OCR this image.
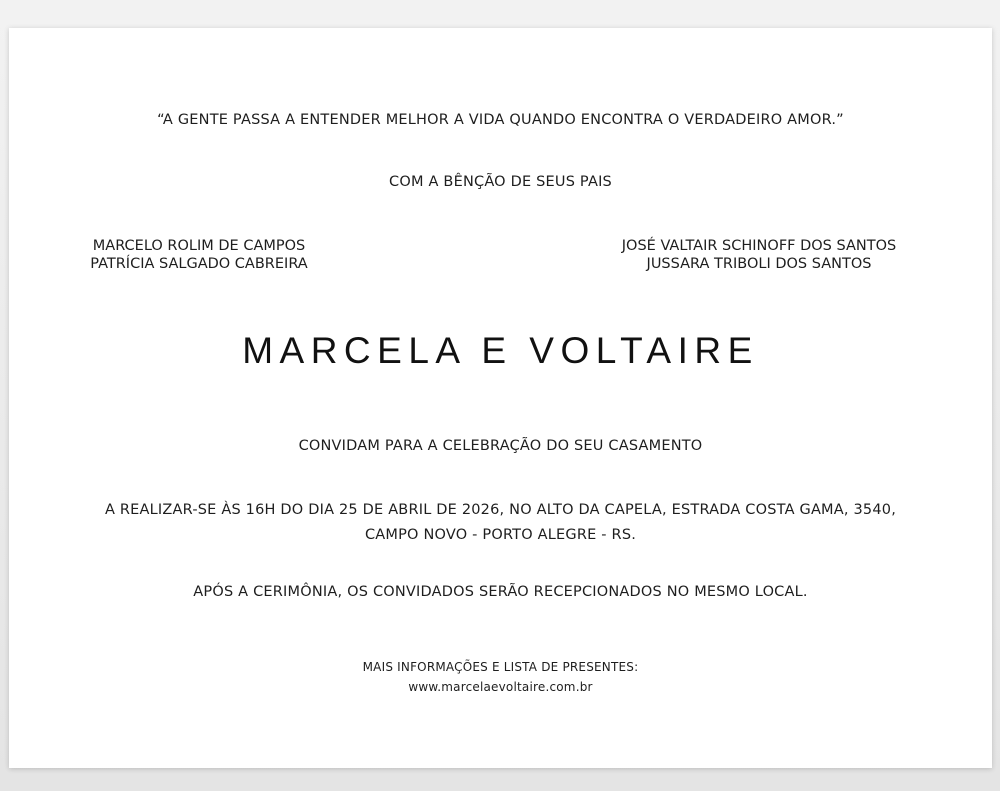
“A GENTE PASSA A ENTENDER MELHOR A VIDA QUANDO ENCONTRA O VERDADEIRO AMOR.”
COM A BÊNÇÃO DE SEUS PAIS
MARCELO ROLIM DE CAMPOS
PATRÍCIA SALGADO CABREIRA
JOSÉ VALTAIR SCHINOFF DOS SANTOS
JUSSARA TRIBOLI DOS SANTOS
MARCELA E VOLTAIRE
CONVIDAM PARA A CELEBRAÇÃO DO SEU CASAMENTO
A REALIZAR-SE ÀS 16H DO DIA 25 DE ABRIL DE 2026, NO ALTO DA CAPELA, ESTRADA COSTA GAMA, 3540,
CAMPO NOVO - PORTO ALEGRE - RS.
APÓS A CERIMÔNIA, OS CONVIDADOS SERÃO RECEPCIONADOS NO MESMO LOCAL.
MAIS INFORMAÇÕES E LISTA DE PRESENTES:
www.marcelaevoltaire.com.br
